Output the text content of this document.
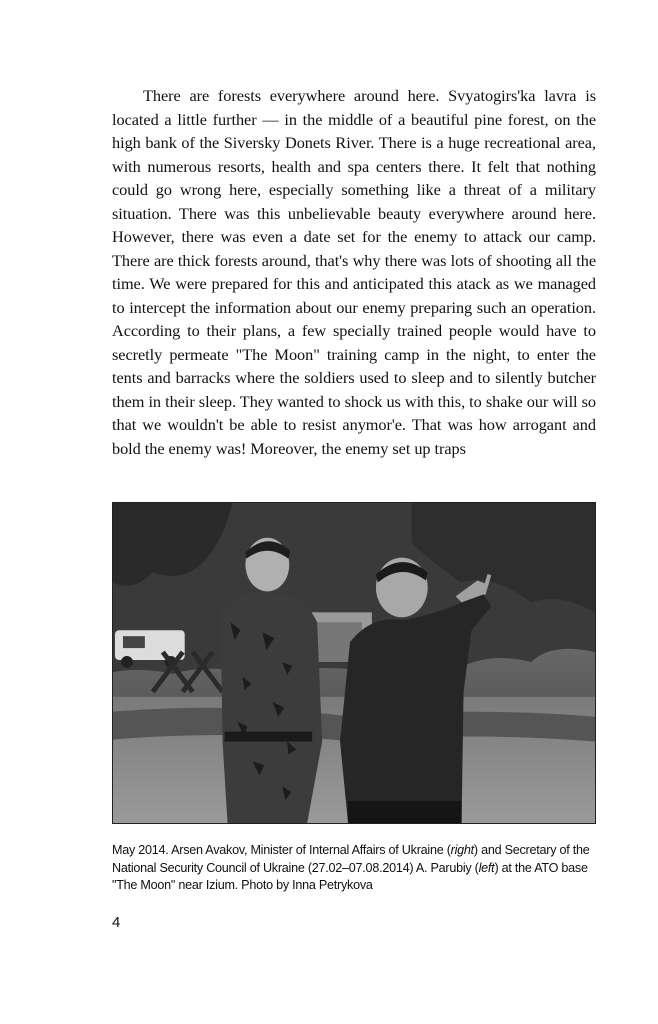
There are forests everywhere around here. Svyatogirs'ka lavra is located a little further — in the middle of a beautiful pine forest, on the high bank of the Siversky Donets River. There is a huge recreational area, with numerous resorts, health and spa centers there. It felt that nothing could go wrong here, especially something like a threat of a military situation. There was this unbelievable beauty everywhere around here. However, there was even a date set for the enemy to attack our camp. There are thick forests around, that's why there was lots of shooting all the time. We were prepared for this and anticipated this atack as we managed to intercept the information about our enemy preparing such an operation. According to their plans, a few specially trained people would have to secretly permeate "The Moon" training camp in the night, to enter the tents and barracks where the soldiers used to sleep and to silently butcher them in their sleep. They wanted to shock us with this, to shake our will so that we wouldn't be able to resist anymor'e. That was how arrogant and bold the enemy was! Moreover, the enemy set up traps

May 2014. Arsen Avakov, Minister of Internal Affairs of Ukraine (right) and Secretary of the National Security Council of Ukraine (27.02–07.08.2014) A. Parubiy (left) at the ATO base "The Moon" near Izium. Photo by Inna Petrykova

4
